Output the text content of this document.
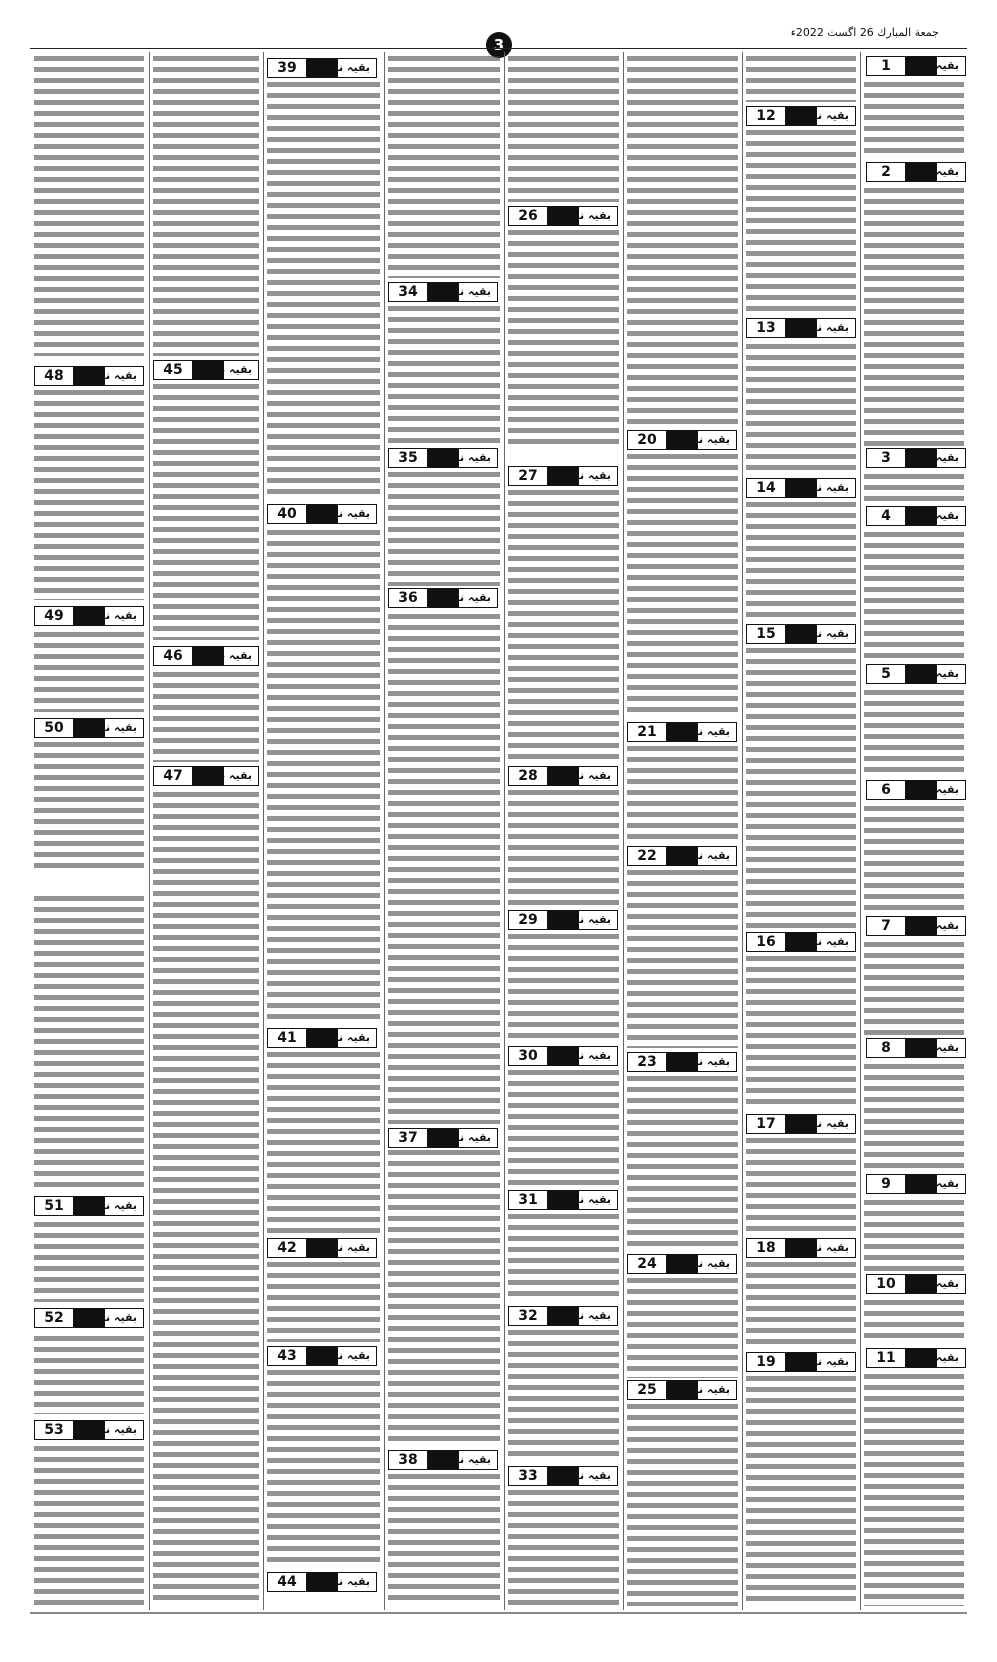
جمعة المبارك 26 اگست 2022ء
3
1	بقیہ نمبر
2	بقیہ نمبر
3	بقیہ نمبر
4	بقیہ نمبر
5	بقیہ نمبر
6	بقیہ نمبر
7	بقیہ نمبر
8	بقیہ نمبر
9	بقیہ نمبر
10	بقیہ نمبر
11	بقیہ نمبر
12	بقیہ نمبر
13	بقیہ نمبر
14	بقیہ نمبر
15	بقیہ نمبر
16	بقیہ نمبر
17	بقیہ نمبر
18	بقیہ نمبر
19	بقیہ نمبر
20	بقیہ نمبر
21	بقیہ نمبر
22	بقیہ نمبر
23	بقیہ نمبر
24	بقیہ نمبر
25	بقیہ نمبر
26	بقیہ نمبر
27	بقیہ نمبر
28	بقیہ نمبر
29	بقیہ نمبر
30	بقیہ نمبر
31	بقیہ نمبر
32	بقیہ نمبر
33	بقیہ نمبر
34	بقیہ نمبر
35	بقیہ نمبر
36	بقیہ نمبر
37	بقیہ نمبر
38	بقیہ نمبر
39	بقیہ نمبر
40	بقیہ نمبر
41	بقیہ نمبر
42	بقیہ نمبر
43	بقیہ نمبر
44	بقیہ نمبر
45	بقیہ نمبر
46	بقیہ نمبر
47	بقیہ نمبر
48	بقیہ نمبر
49	بقیہ نمبر
50	بقیہ نمبر
51	بقیہ نمبر
52	بقیہ نمبر
53	بقیہ نمبر
